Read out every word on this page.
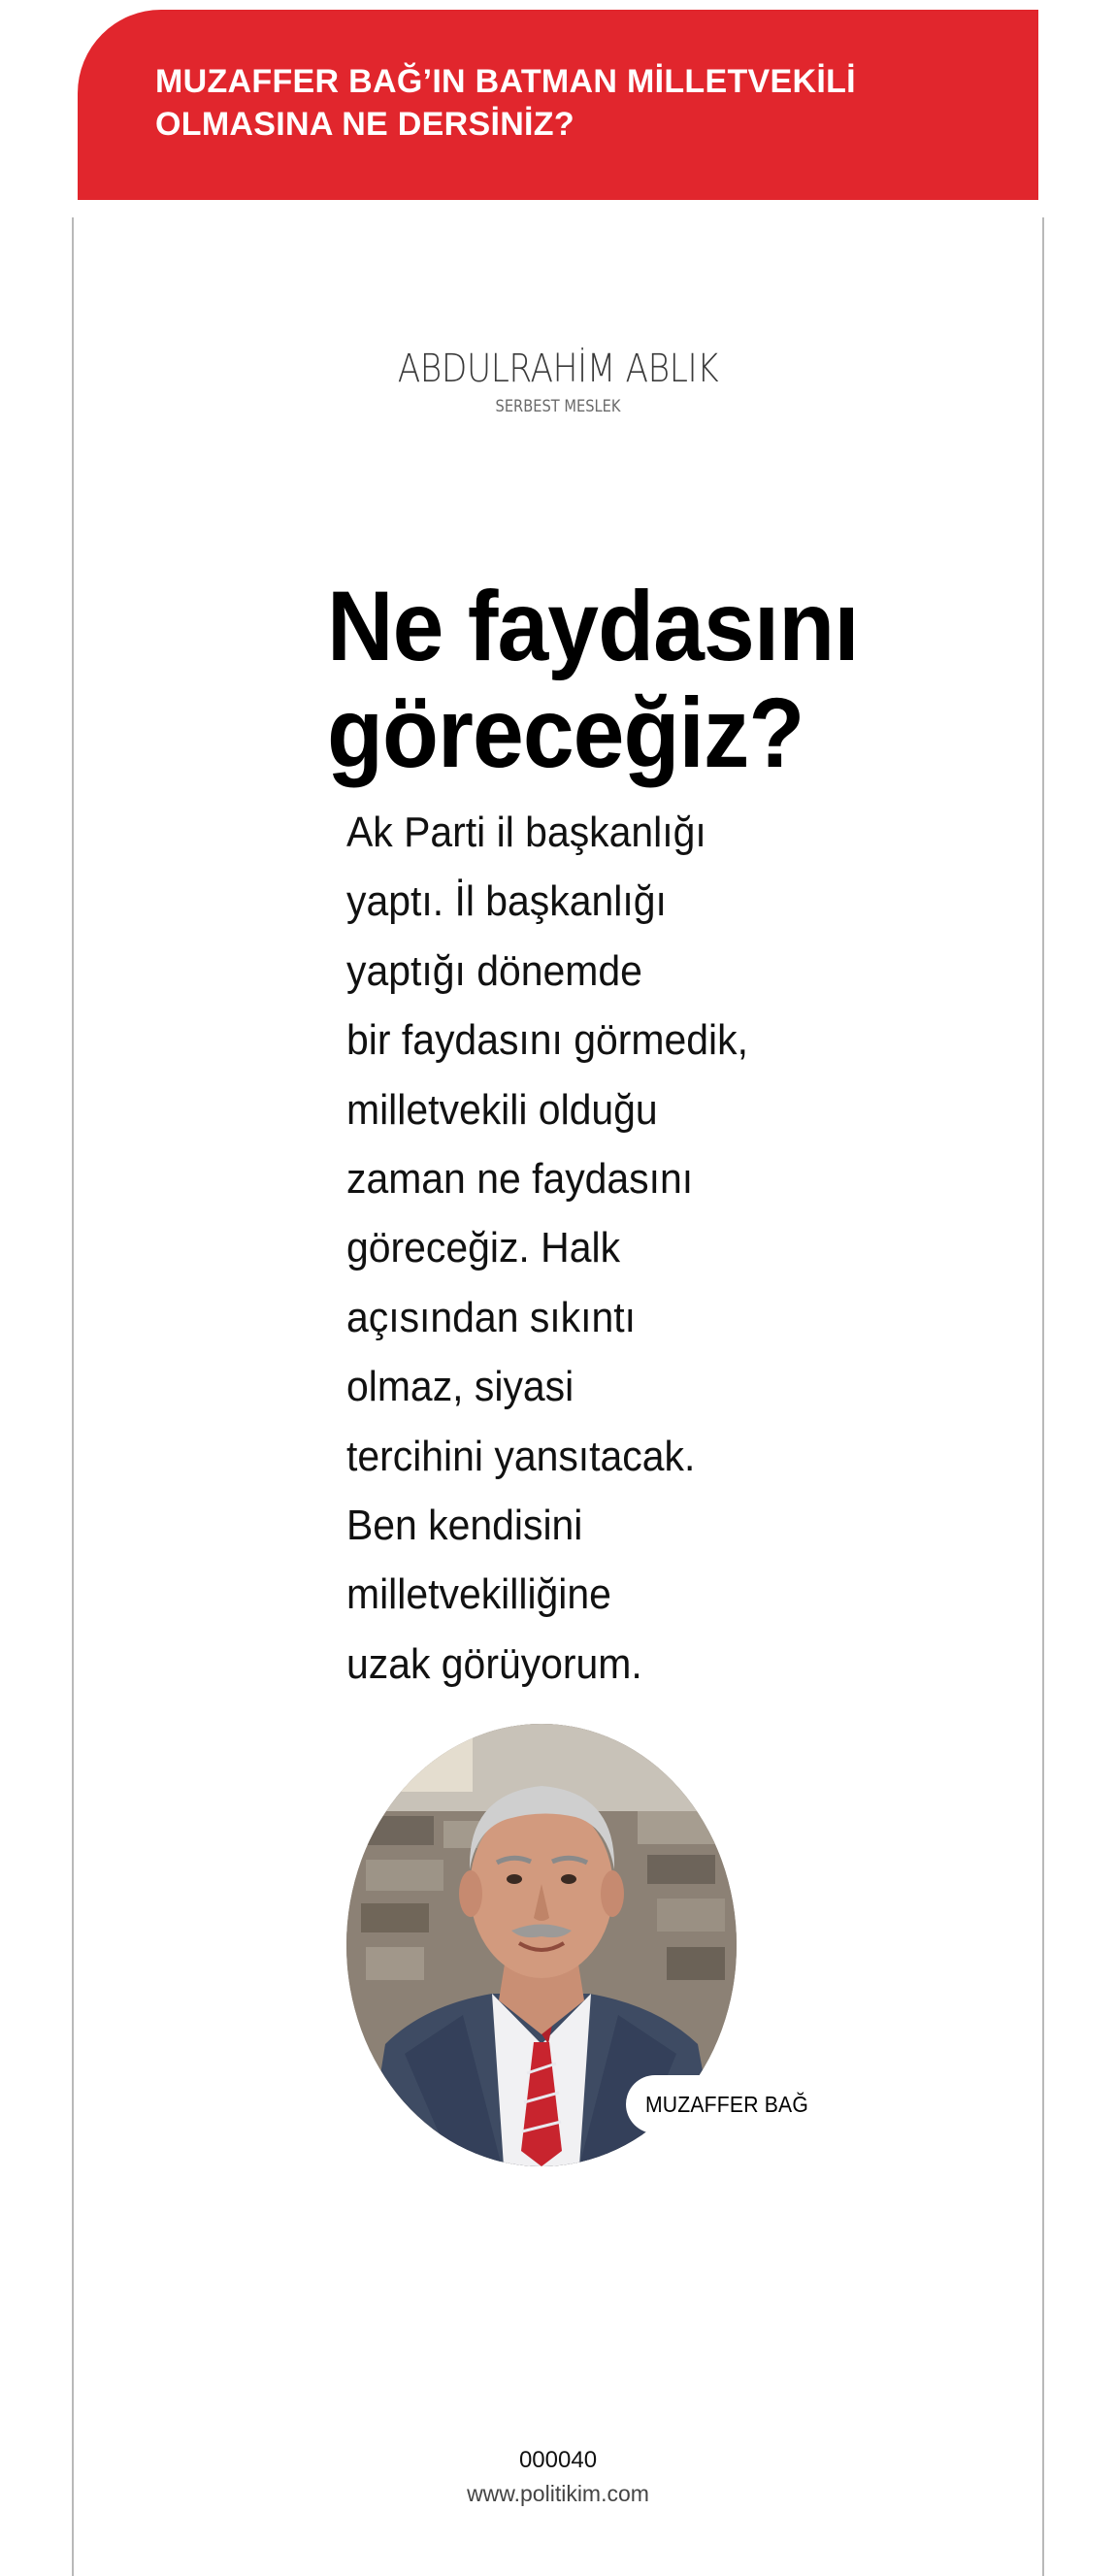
MUZAFFER BAĞ’IN BATMAN MİLLETVEKİLİ
OLMASINA NE DERSİNİZ?
ABDULRAHİM ABLIK
SERBEST MESLEK
Ne faydasını
göreceğiz?
Ak Parti il başkanlığı
yaptı. İl başkanlığı
yaptığı dönemde
bir faydasını görmedik,
milletvekili olduğu
zaman ne faydasını
göreceğiz. Halk
açısından sıkıntı
olmaz, siyasi
tercihini yansıtacak.
Ben kendisini
milletvekilliğine
uzak görüyorum.
MUZAFFER BAĞ
000040
www.politikim.com
